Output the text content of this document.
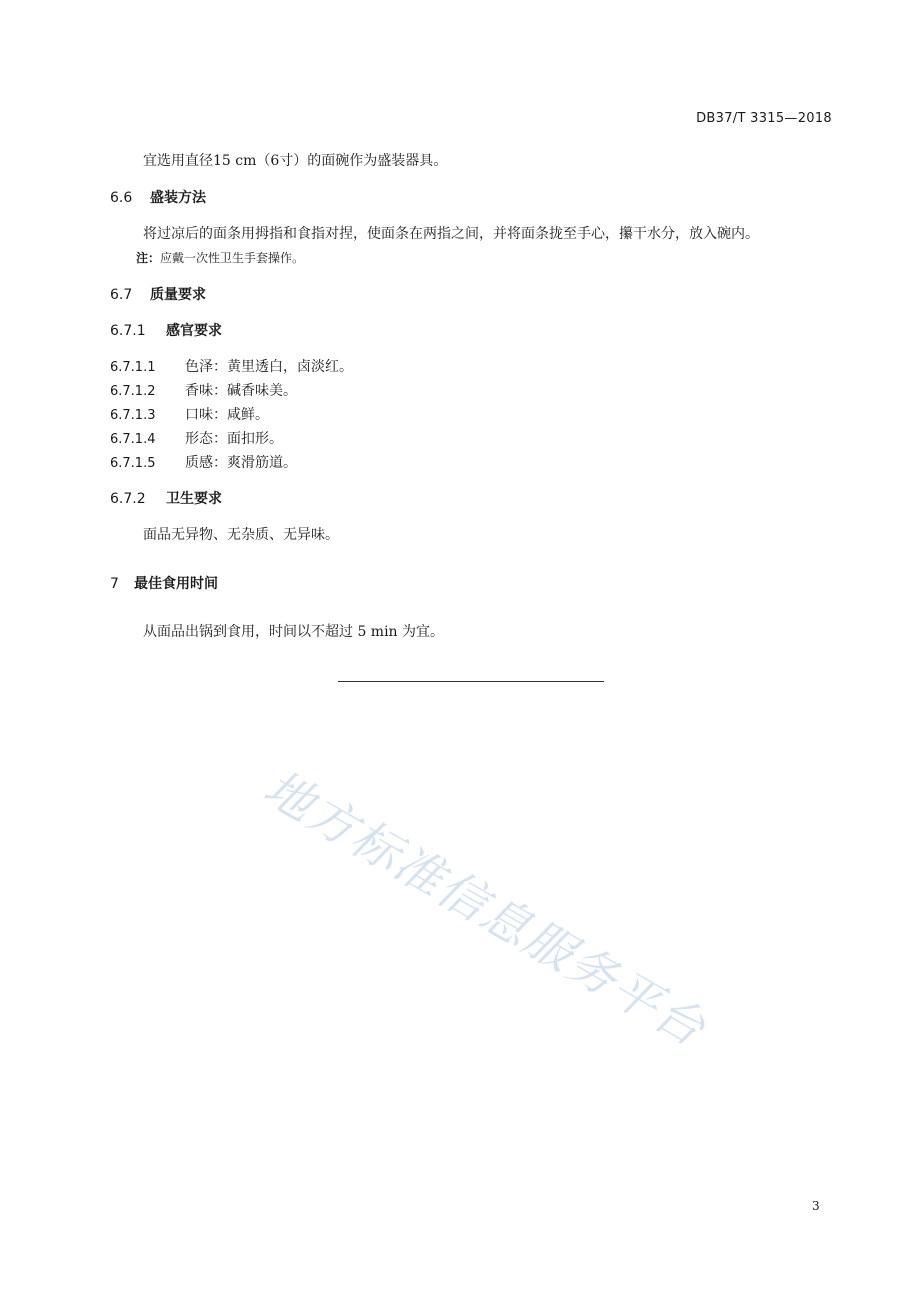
DB37/T 3315—2018
宜选用直径15 cm（6寸）的面碗作为盛装器具。
6.6 盛装方法
将过凉后的面条用拇指和食指对捏，使面条在两指之间，并将面条拢至手心，攥干水分，放入碗内。
注：应戴一次性卫生手套操作。
6.7 质量要求
6.7.1 感官要求
6.7.1.1 色泽：黄里透白，卤淡红。
6.7.1.2 香味：碱香味美。
6.7.1.3 口味：咸鲜。
6.7.1.4 形态：面扣形。
6.7.1.5 质感：爽滑筋道。
6.7.2 卫生要求
面品无异物、无杂质、无异味。
7 最佳食用时间
从面品出锅到食用，时间以不超过 5 min 为宜。
地方标准信息服务平台
3
